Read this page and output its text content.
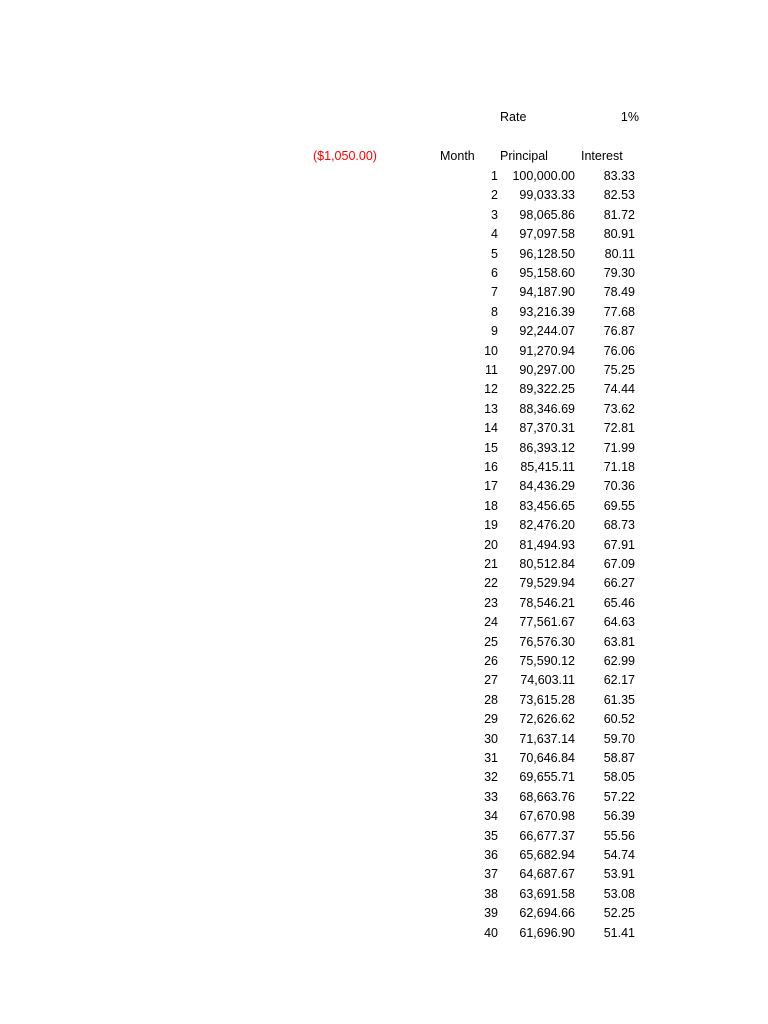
Rate	1%
($1,050.00)	Month Principal	Interest
1	100,000.00	83.33
2	99,033.33	82.53
3	98,065.86	81.72
4	97,097.58	80.91
5	96,128.50	80.11
6	95,158.60	79.30
7	94,187.90	78.49
8	93,216.39	77.68
9	92,244.07	76.87
10	91,270.94	76.06
11	90,297.00	75.25
12	89,322.25	74.44
13	88,346.69	73.62
14	87,370.31	72.81
15	86,393.12	71.99
16	85,415.11	71.18
17	84,436.29	70.36
18	83,456.65	69.55
19	82,476.20	68.73
20	81,494.93	67.91
21	80,512.84	67.09
22	79,529.94	66.27
23	78,546.21	65.46
24	77,561.67	64.63
25	76,576.30	63.81
26	75,590.12	62.99
27	74,603.11	62.17
28	73,615.28	61.35
29	72,626.62	60.52
30	71,637.14	59.70
31	70,646.84	58.87
32	69,655.71	58.05
33	68,663.76	57.22
34	67,670.98	56.39
35	66,677.37	55.56
36	65,682.94	54.74
37	64,687.67	53.91
38	63,691.58	53.08
39	62,694.66	52.25
40	61,696.90	51.41
